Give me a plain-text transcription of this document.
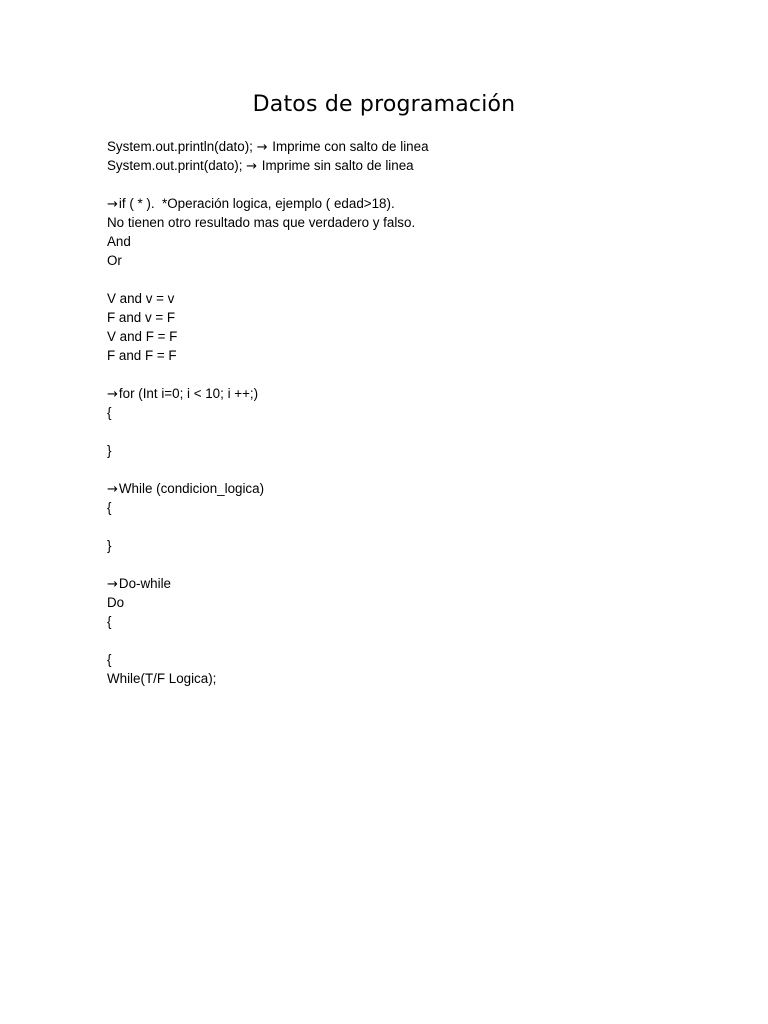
Datos de programación
System.out.println(dato); → Imprime con salto de linea
System.out.print(dato); → Imprime sin salto de linea
→if ( * ).  *Operación logica, ejemplo ( edad>18).
No tienen otro resultado mas que verdadero y falso.
And
Or
V and v = v
F and v = F
V and F = F
F and F = F
→for (Int i=0; i < 10; i ++;)
{
}
→While (condicion_logica)
{
}
→Do-while
Do
{
{
While(T/F Logica);
